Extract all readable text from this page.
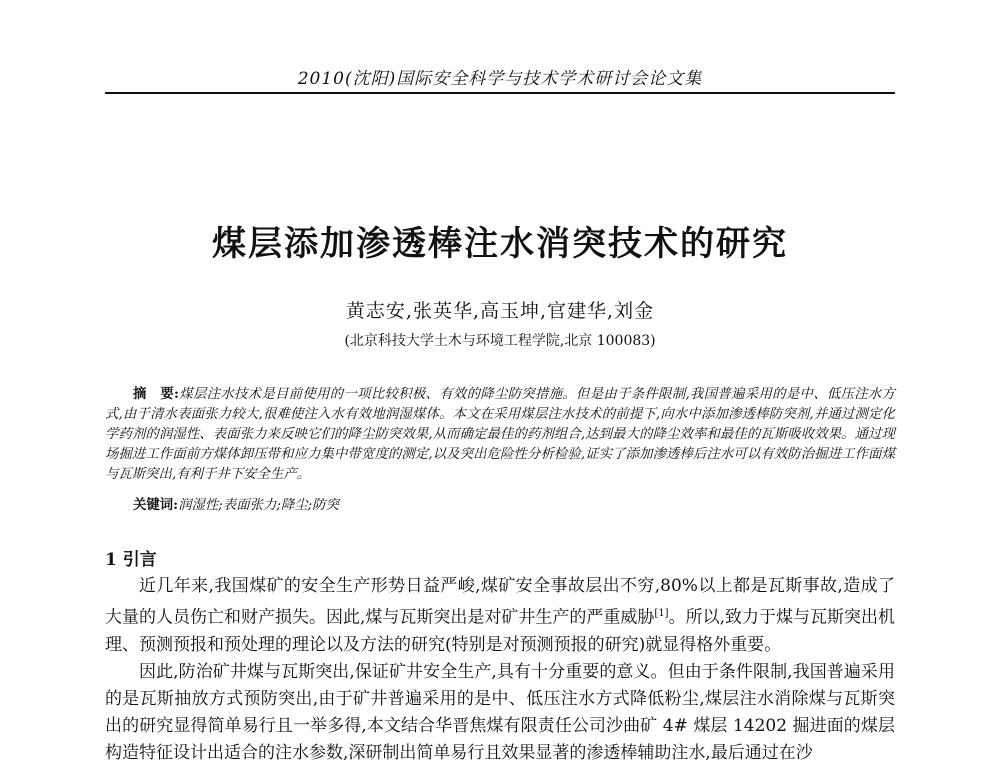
2010(沈阳)国际安全科学与技术学术研讨会论文集
煤层添加渗透棒注水消突技术的研究
黄志安,张英华,高玉坤,官建华,刘金
(北京科技大学土木与环境工程学院,北京 100083)
摘　要:煤层注水技术是目前使用的一项比较积极、有效的降尘防突措施。但是由于条件限制,我国普遍采用的是中、低压注水方式,由于清水表面张力较大,很难使注入水有效地润湿煤体。本文在采用煤层注水技术的前提下,向水中添加渗透棒防突剂,并通过测定化学药剂的润湿性、表面张力来反映它们的降尘防突效果,从而确定最佳的药剂组合,达到最大的降尘效率和最佳的瓦斯吸收效果。通过现场掘进工作面前方煤体卸压带和应力集中带宽度的测定,以及突出危险性分析检验,证实了添加渗透棒后注水可以有效防治掘进工作面煤与瓦斯突出,有利于井下安全生产。
关键词:润湿性;表面张力;降尘;防突
1 引言

近几年来,我国煤矿的安全生产形势日益严峻,煤矿安全事故层出不穷,80%以上都是瓦斯事故,造成了大量的人员伤亡和财产损失。因此,煤与瓦斯突出是对矿井生产的严重威胁[1]。所以,致力于煤与瓦斯突出机理、预测预报和预处理的理论以及方法的研究(特别是对预测预报的研究)就显得格外重要。

因此,防治矿井煤与瓦斯突出,保证矿井安全生产,具有十分重要的意义。但由于条件限制,我国普遍采用的是瓦斯抽放方式预防突出,由于矿井普遍采用的是中、低压注水方式降低粉尘,煤层注水消除煤与瓦斯突出的研究显得简单易行且一举多得,本文结合华晋焦煤有限责任公司沙曲矿 4# 煤层 14202 掘进面的煤层构造特征设计出适合的注水参数,深研制出简单易行且效果显著的渗透棒辅助注水,最后通过在沙
